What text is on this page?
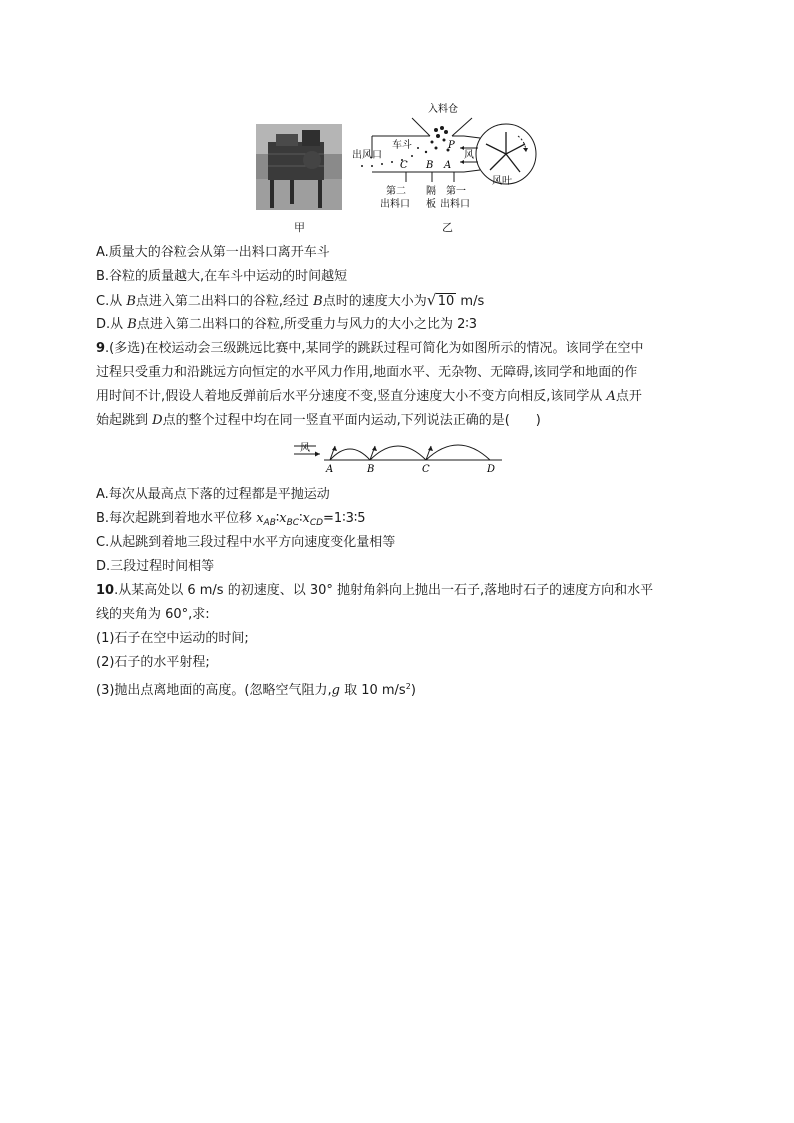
甲
入料仓
车斗
出风口
P
A
B
C
第二
出料口
隔
板
第一
出料口
风
风叶
乙
A.质量大的谷粒会从第一出料口离开车斗
B.谷粒的质量越大,在车斗中运动的时间越短
C.从 B点进入第二出料口的谷粒,经过 B点时的速度大小为 √ 10 m/s
D.从 B点进入第二出料口的谷粒,所受重力与风力的大小之比为 2∶3
9.(多选)在校运动会三级跳远比赛中,某同学的跳跃过程可简化为如图所示的情况。该同学在空中
过程只受重力和沿跳远方向恒定的水平风力作用,地面水平、无杂物、无障碍,该同学和地面的作
用时间不计,假设人着地反弹前后水平分速度不变,竖直分速度大小不变方向相反,该同学从 A点开
始起跳到 D点的整个过程中均在同一竖直平面内运动,下列说法正确的是(　　)
风
A	B	C	D
A.每次从最高点下落的过程都是平抛运动
B.每次起跳到着地水平位移 $x_{AB}∶x_{BC}∶x_{CD}=1∶3∶5$
C.从起跳到着地三段过程中水平方向速度变化量相等
D.三段过程时间相等
10.从某高处以 6 m/s 的初速度、以 30° 抛射角斜向上抛出一石子,落地时石子的速度方向和水平
线的夹角为 60°,求:
(1)石子在空中运动的时间;
(2)石子的水平射程;
(3)抛出点离地面的高度。(忽略空气阻力,g 取 10 $m/s^2$)
